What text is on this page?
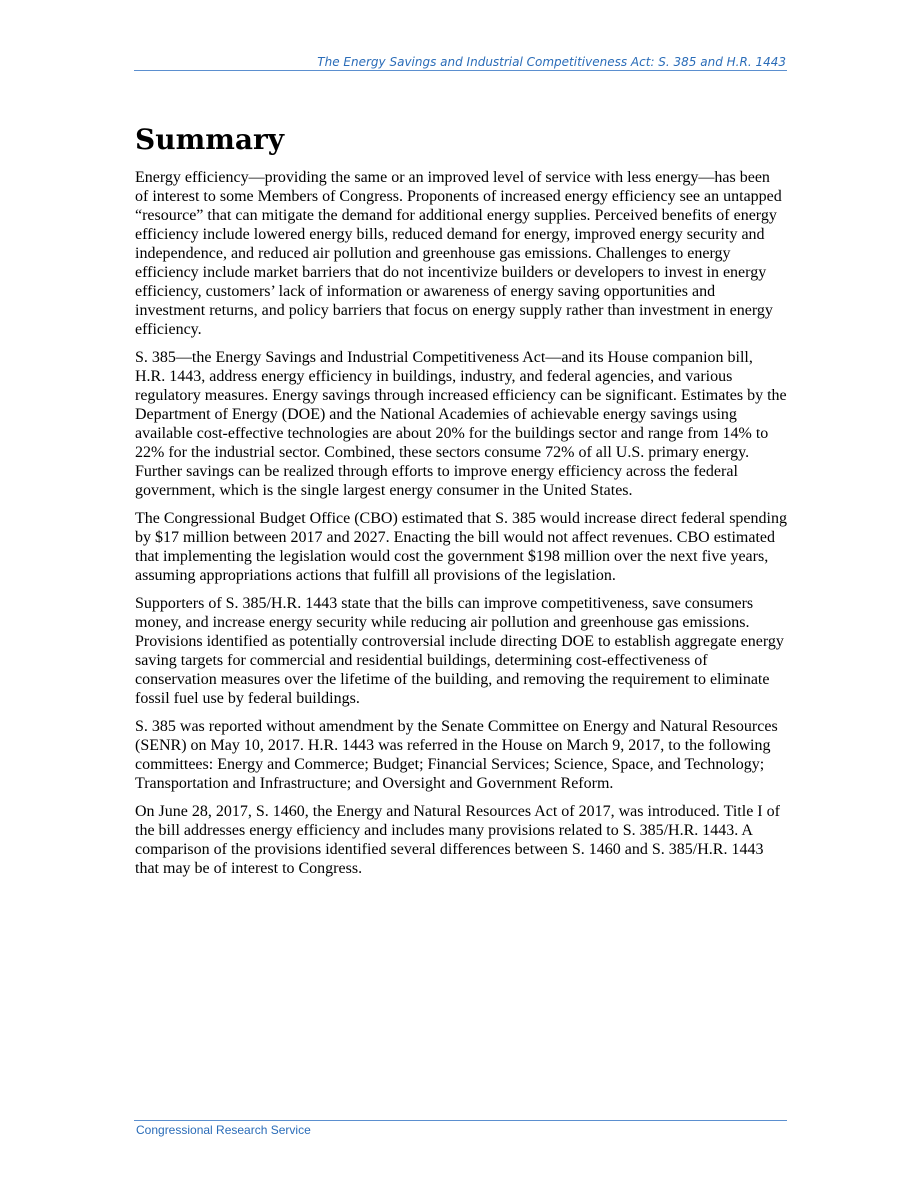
The Energy Savings and Industrial Competitiveness Act: S. 385 and H.R. 1443
Summary

Energy efficiency—providing the same or an improved level of service with less energy—has been of interest to some Members of Congress. Proponents of increased energy efficiency see an untapped “resource” that can mitigate the demand for additional energy supplies. Perceived benefits of energy efficiency include lowered energy bills, reduced demand for energy, improved energy security and independence, and reduced air pollution and greenhouse gas emissions. Challenges to energy efficiency include market barriers that do not incentivize builders or developers to invest in energy efficiency, customers’ lack of information or awareness of energy saving opportunities and investment returns, and policy barriers that focus on energy supply rather than investment in energy efficiency.

S. 385—the Energy Savings and Industrial Competitiveness Act—and its House companion bill, H.R. 1443, address energy efficiency in buildings, industry, and federal agencies, and various regulatory measures. Energy savings through increased efficiency can be significant. Estimates by the Department of Energy (DOE) and the National Academies of achievable energy savings using available cost-effective technologies are about 20% for the buildings sector and range from 14% to 22% for the industrial sector. Combined, these sectors consume 72% of all U.S. primary energy. Further savings can be realized through efforts to improve energy efficiency across the federal government, which is the single largest energy consumer in the United States.

The Congressional Budget Office (CBO) estimated that S. 385 would increase direct federal spending by $17 million between 2017 and 2027. Enacting the bill would not affect revenues. CBO estimated that implementing the legislation would cost the government $198 million over the next five years, assuming appropriations actions that fulfill all provisions of the legislation.

Supporters of S. 385/H.R. 1443 state that the bills can improve competitiveness, save consumers money, and increase energy security while reducing air pollution and greenhouse gas emissions. Provisions identified as potentially controversial include directing DOE to establish aggregate energy saving targets for commercial and residential buildings, determining cost-effectiveness of conservation measures over the lifetime of the building, and removing the requirement to eliminate fossil fuel use by federal buildings.

S. 385 was reported without amendment by the Senate Committee on Energy and Natural Resources (SENR) on May 10, 2017. H.R. 1443 was referred in the House on March 9, 2017, to the following committees: Energy and Commerce; Budget; Financial Services; Science, Space, and Technology; Transportation and Infrastructure; and Oversight and Government Reform.

On June 28, 2017, S. 1460, the Energy and Natural Resources Act of 2017, was introduced. Title I of the bill addresses energy efficiency and includes many provisions related to S. 385/H.R. 1443. A comparison of the provisions identified several differences between S. 1460 and S. 385/H.R. 1443 that may be of interest to Congress.

Congressional Research Service
